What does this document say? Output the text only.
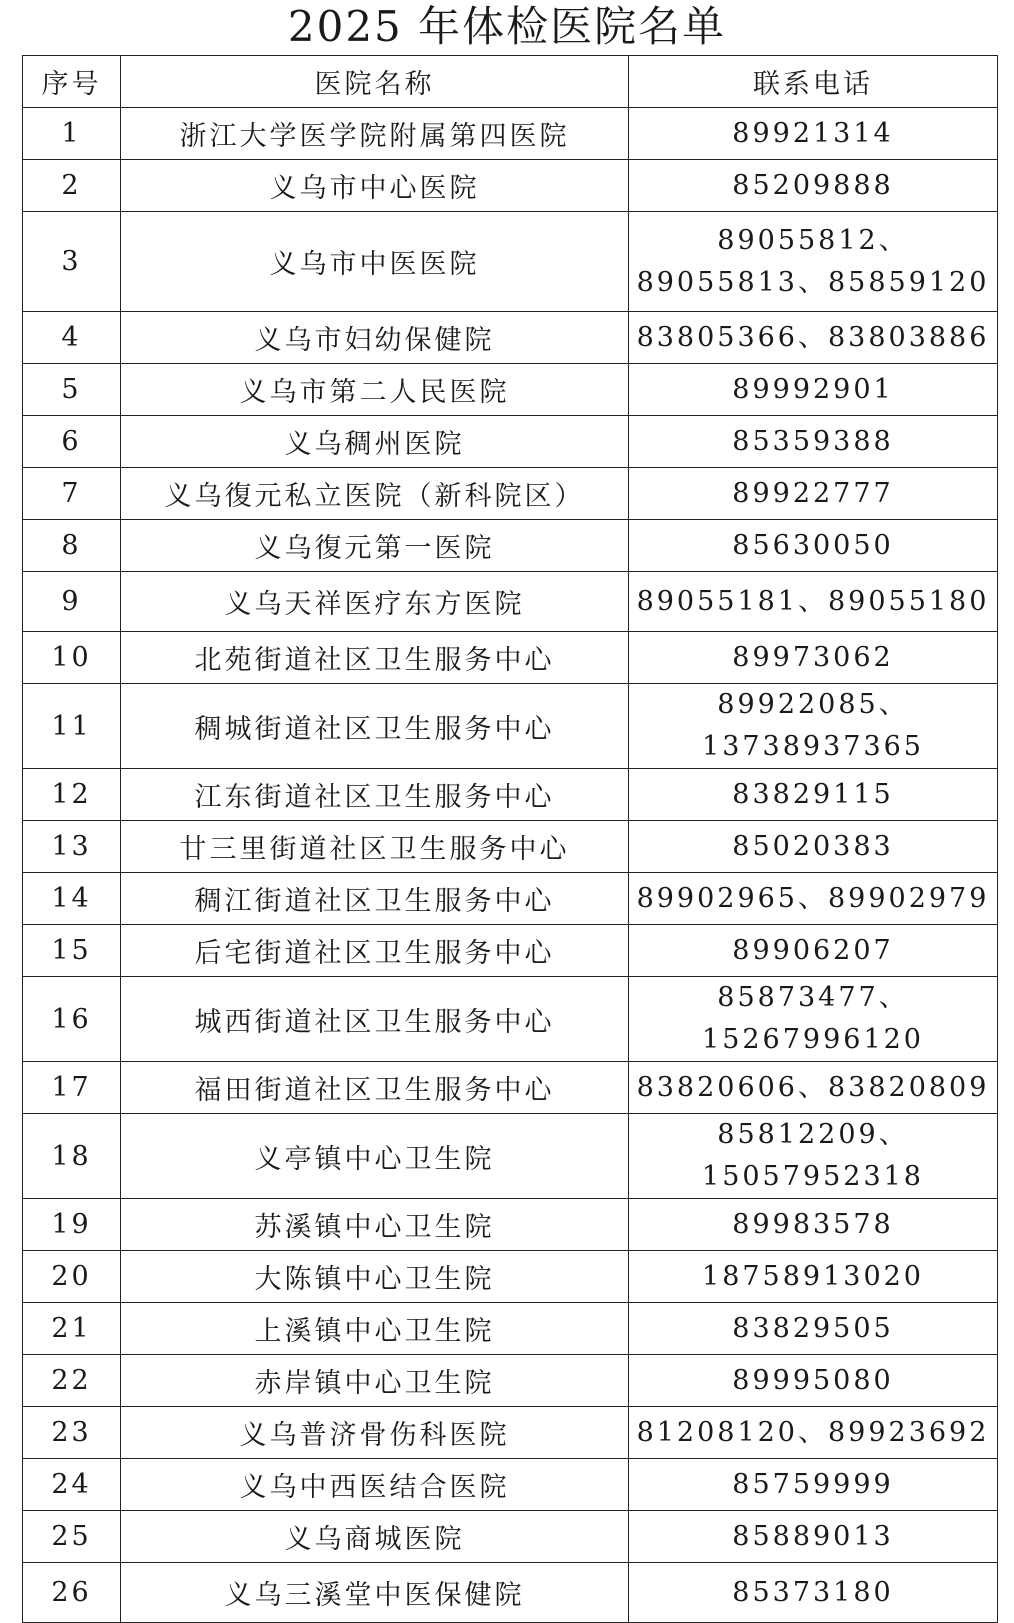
2025 年体检医院名单
序号	医院名称	联系电话
1	浙江大学医学院附属第四医院	89921314
2	义乌市中心医院	85209888
3	义乌市中医医院	89055812、89055813、85859120
4	义乌市妇幼保健院	83805366、83803886
5	义乌市第二人民医院	89992901
6	义乌稠州医院	85359388
7	义乌復元私立医院（新科院区）	89922777
8	义乌復元第一医院	85630050
9	义乌天祥医疗东方医院	89055181、89055180
10	北苑街道社区卫生服务中心	89973062
11	稠城街道社区卫生服务中心	89922085、13738937365
12	江东街道社区卫生服务中心	83829115
13	廿三里街道社区卫生服务中心	85020383
14	稠江街道社区卫生服务中心	89902965、89902979
15	后宅街道社区卫生服务中心	89906207
16	城西街道社区卫生服务中心	85873477、15267996120
17	福田街道社区卫生服务中心	83820606、83820809
18	义亭镇中心卫生院	85812209、15057952318
19	苏溪镇中心卫生院	89983578
20	大陈镇中心卫生院	18758913020
21	上溪镇中心卫生院	83829505
22	赤岸镇中心卫生院	89995080
23	义乌普济骨伤科医院	81208120、89923692
24	义乌中西医结合医院	85759999
25	义乌商城医院	85889013
26	义乌三溪堂中医保健院	85373180
